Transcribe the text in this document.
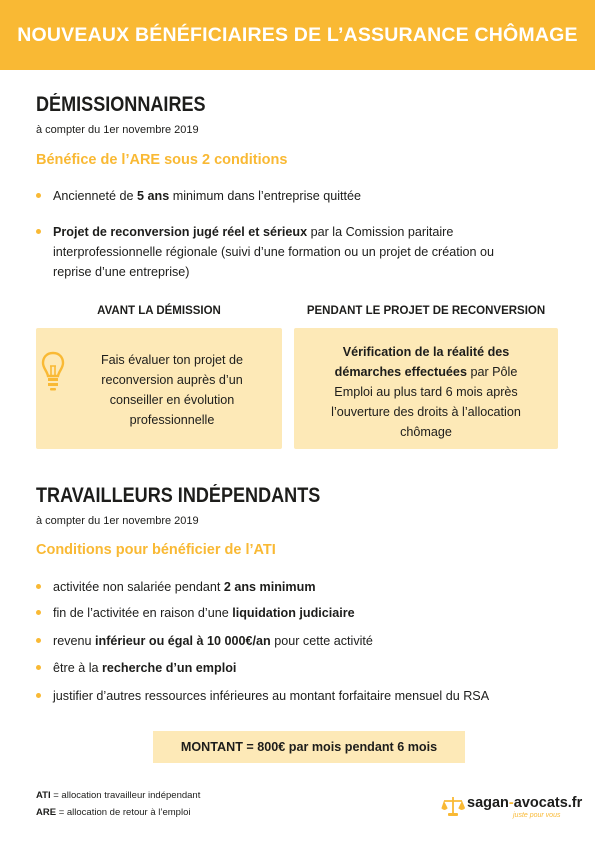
NOUVEAUX BÉNÉFICIAIRES DE L’ASSURANCE CHÔMAGE
DÉMISSIONNAIRES
à compter du 1er novembre 2019
Bénéfice de l’ARE sous 2 conditions
Ancienneté de 5 ans minimum dans l’entreprise quittée
Projet de reconversion jugé réel et sérieux par la Comission paritaire interprofessionnelle régionale (suivi d’une formation ou un projet de création ou reprise d’une entreprise)
AVANT LA DÉMISSION	PENDANT LE PROJET DE RECONVERSION
Fais évaluer ton projet de reconversion auprès d’un conseiller en évolution professionnelle
Vérification de la réalité des démarches effectuées par Pôle Emploi au plus tard 6 mois après l’ouverture des droits à l’allocation chômage
TRAVAILLEURS INDÉPENDANTS
à compter du 1er novembre 2019
Conditions pour bénéficier de l’ATI
activitée non salariée pendant 2 ans minimum
fin de l’activitée en raison d’une liquidation judiciaire
revenu inférieur ou égal à 10 000€/an pour cette activité
être à la recherche d’un emploi
justifier d’autres ressources inférieures au montant forfaitaire mensuel du RSA
MONTANT = 800€ par mois pendant 6 mois
ATI = allocation travailleur indépendant
ARE = allocation de retour à l’emploi
sagan-avocats.fr
juste pour vous
